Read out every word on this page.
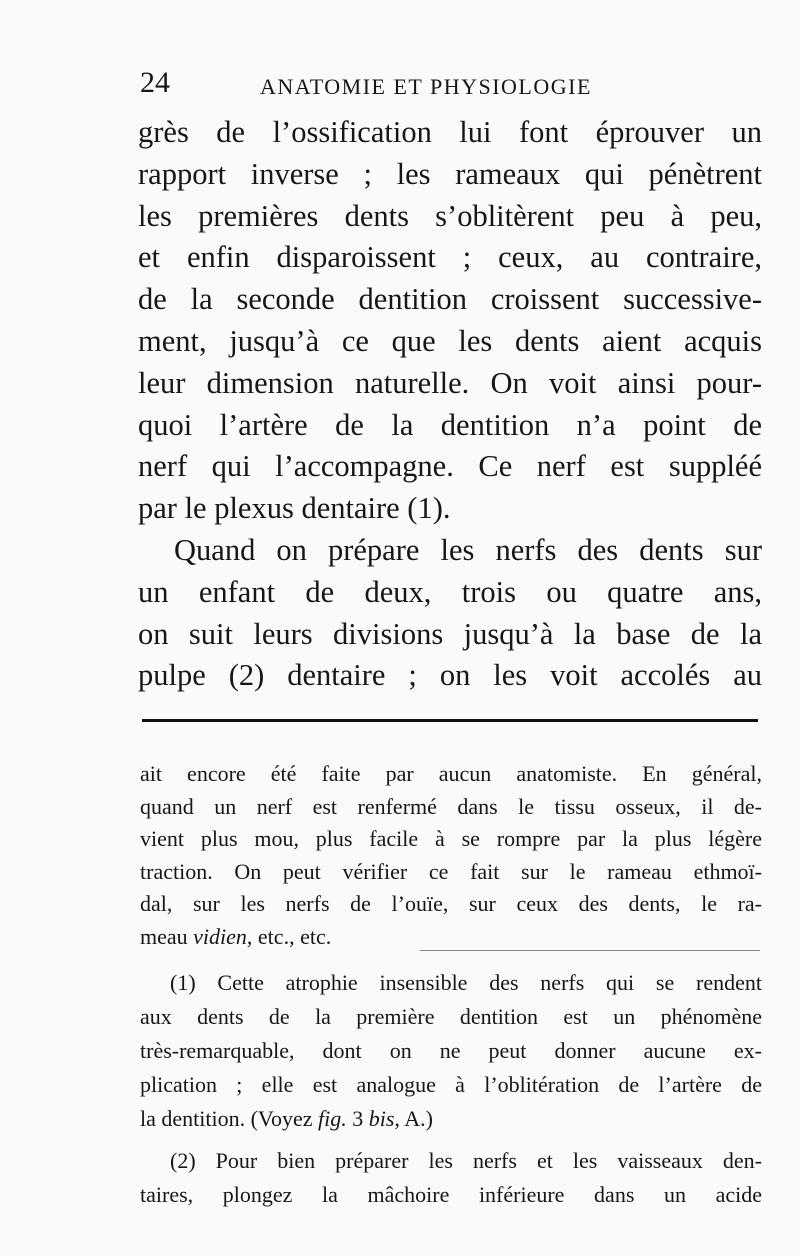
24	ANATOMIE ET PHYSIOLOGIE
grès de l’ossification lui font éprouver un
rapport inverse ; les rameaux qui pénètrent
les premières dents s’oblitèrent peu à peu,
et enfin disparoissent ; ceux, au contraire,
de la seconde dentition croissent successive-
ment, jusqu’à ce que les dents aient acquis
leur dimension naturelle. On voit ainsi pour-
quoi l’artère de la dentition n’a point de
nerf qui l’accompagne. Ce nerf est suppléé
par le plexus dentaire (1).
Quand on prépare les nerfs des dents sur
un enfant de deux, trois ou quatre ans,
on suit leurs divisions jusqu’à la base de la
pulpe (2) dentaire ; on les voit accolés au
ait encore été faite par aucun anatomiste. En général,
quand un nerf est renfermé dans le tissu osseux, il de-
vient plus mou, plus facile à se rompre par la plus légère
traction. On peut vérifier ce fait sur le rameau ethmoï-
dal, sur les nerfs de l’ouïe, sur ceux des dents, le ra-
meau vidien, etc., etc.
(1) Cette atrophie insensible des nerfs qui se rendent
aux dents de la première dentition est un phénomène
très-remarquable, dont on ne peut donner aucune ex-
plication ; elle est analogue à l’oblitération de l’artère de
la dentition. (Voyez fig. 3 bis, A.)
(2) Pour bien préparer les nerfs et les vaisseaux den-
taires, plongez la mâchoire inférieure dans un acide
